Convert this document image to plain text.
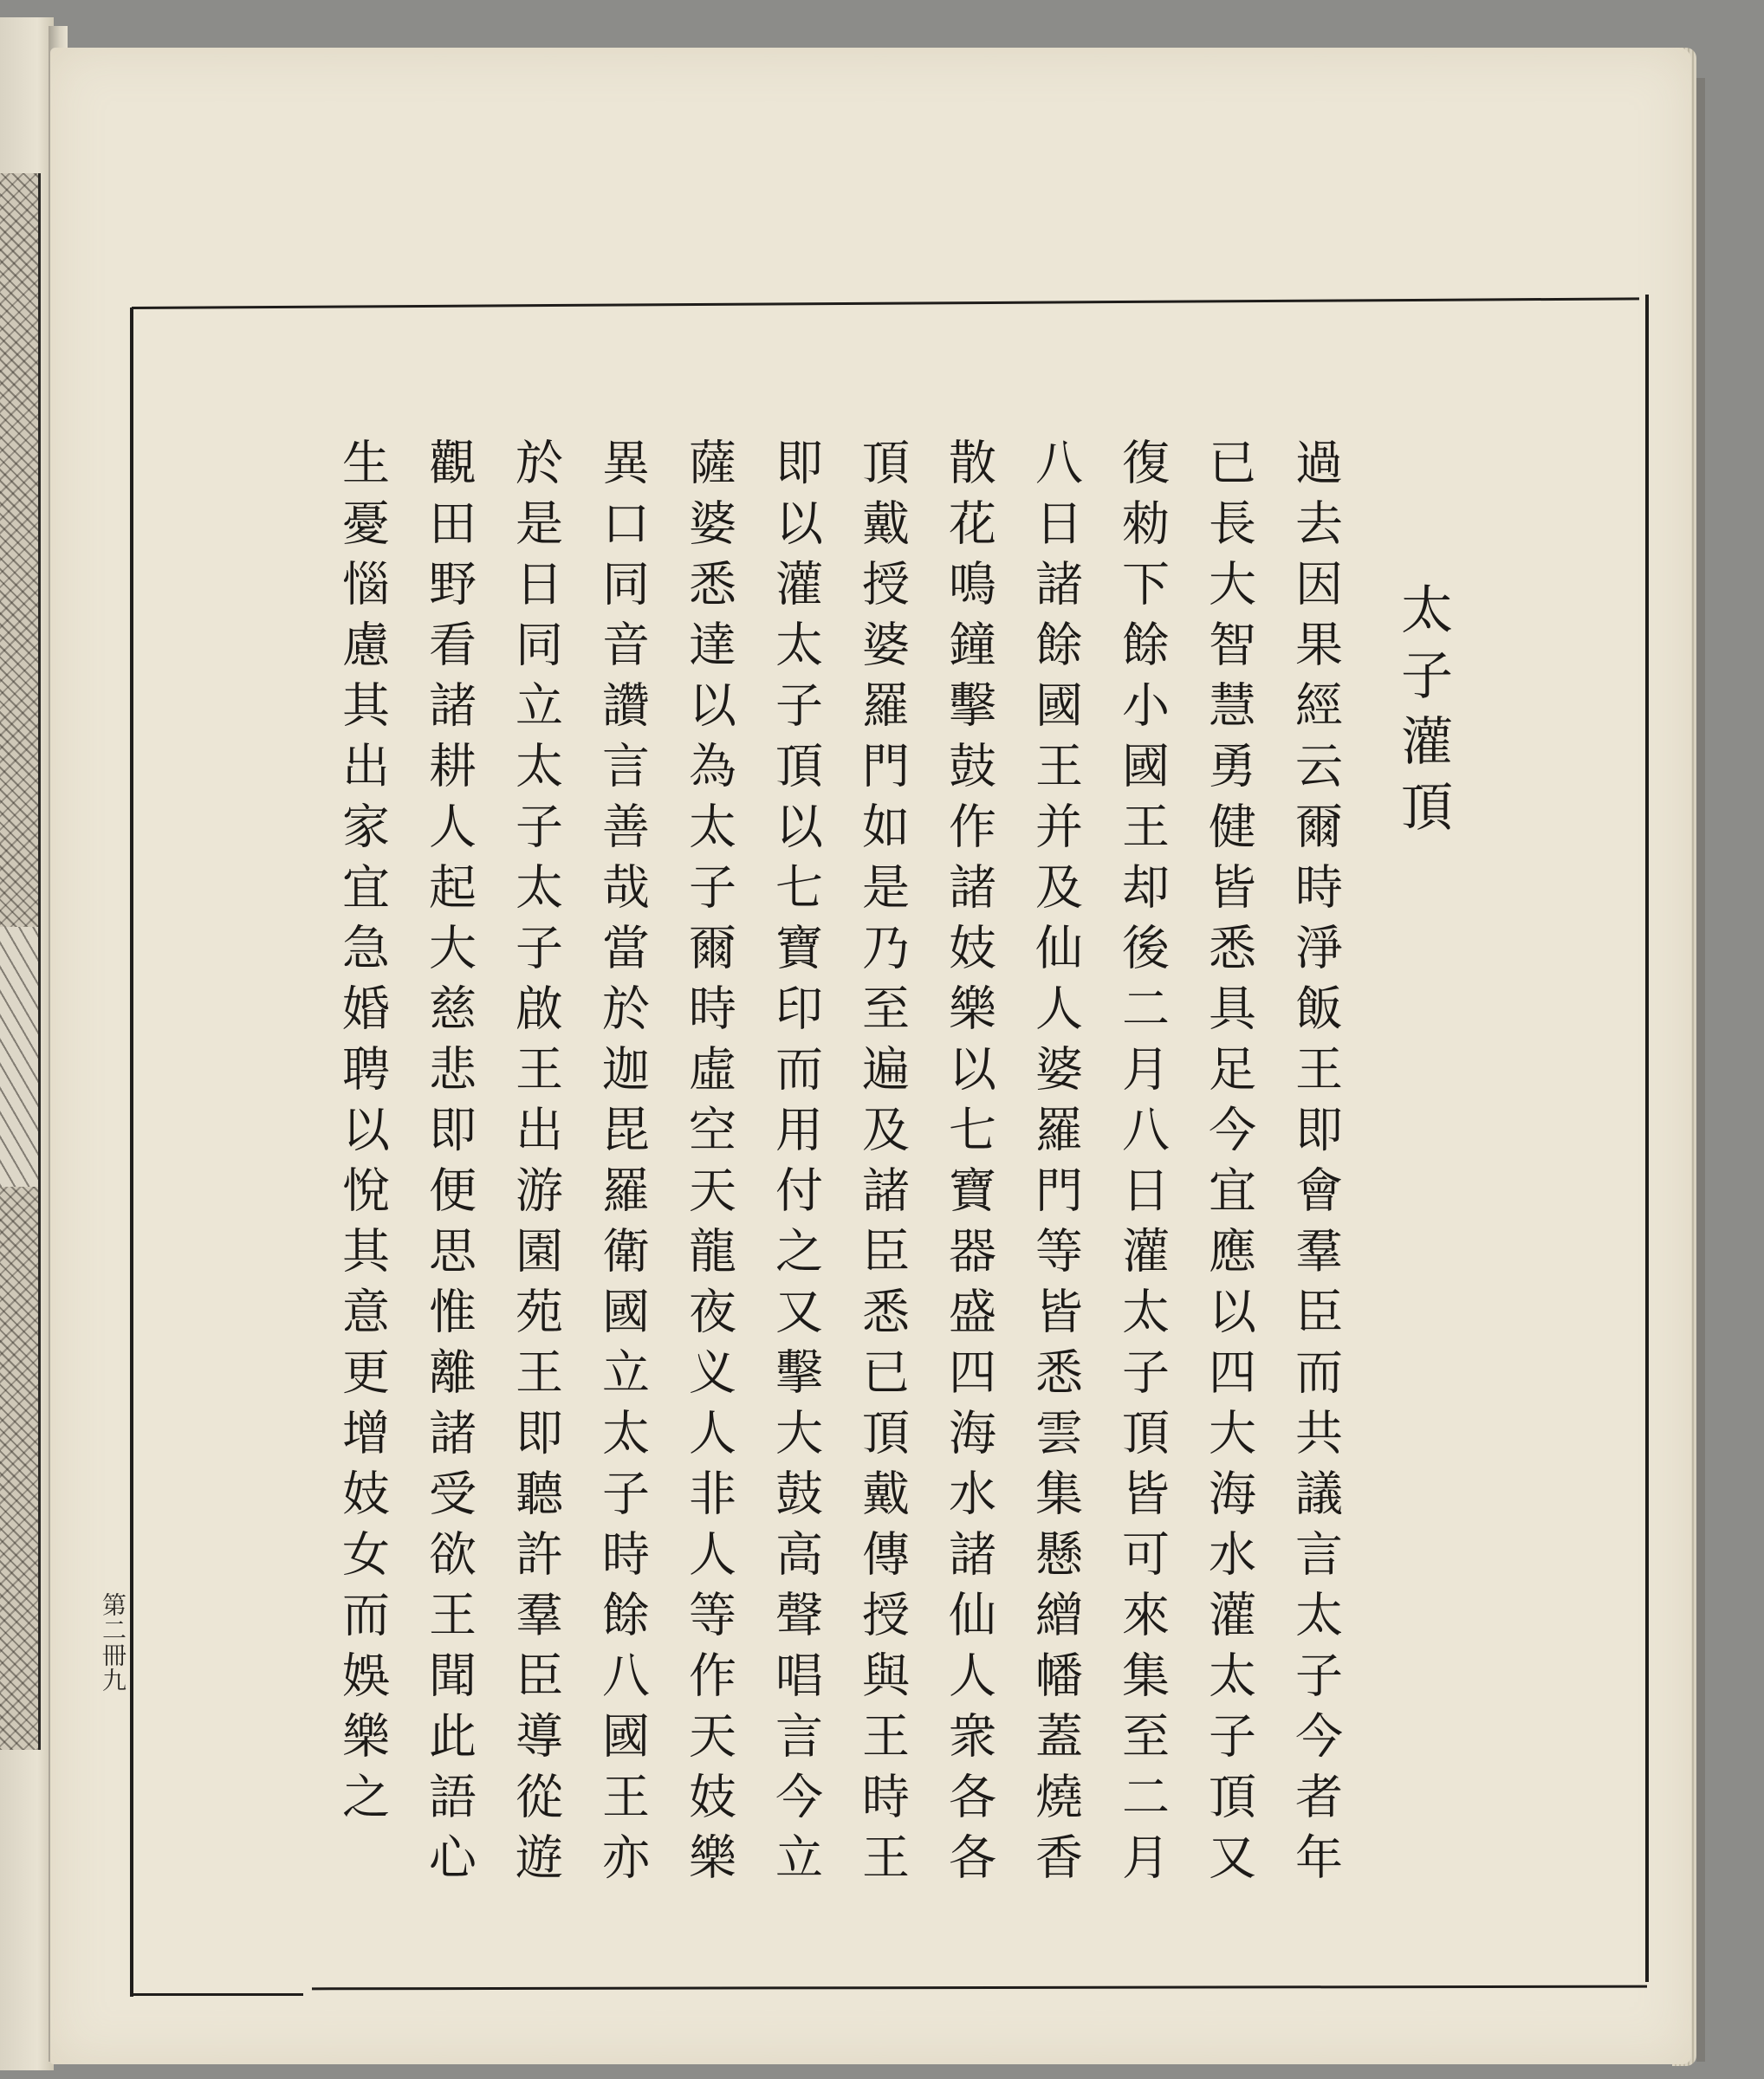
太子灌頂
過去因果經云爾時淨飯王即會羣臣而共議言太子今者年
已長大智慧勇健皆悉具足今宜應以四大海水灌太子頂又
復勑下餘小國王却後二月八日灌太子頂皆可來集至二月
八日諸餘國王并及仙人婆羅門等皆悉雲集懸繒幡蓋燒香
散花鳴鐘擊鼓作諸妓樂以七寶器盛四海水諸仙人衆各各
頂戴授婆羅門如是乃至遍及諸臣悉已頂戴傳授與王時王
即以灌太子頂以七寶印而用付之又擊大鼓高聲唱言今立
薩婆悉達以為太子爾時虛空天龍夜义人非人等作天妓樂
異口同音讚言善哉當於迦毘羅衛國立太子時餘八國王亦
於是日同立太子太子啟王出游園苑王即聽許羣臣導從遊
觀田野看諸耕人起大慈悲即便思惟離諸受欲王聞此語心
生憂惱慮其出家宜急婚聘以悅其意更增妓女而娛樂之
第二冊九
